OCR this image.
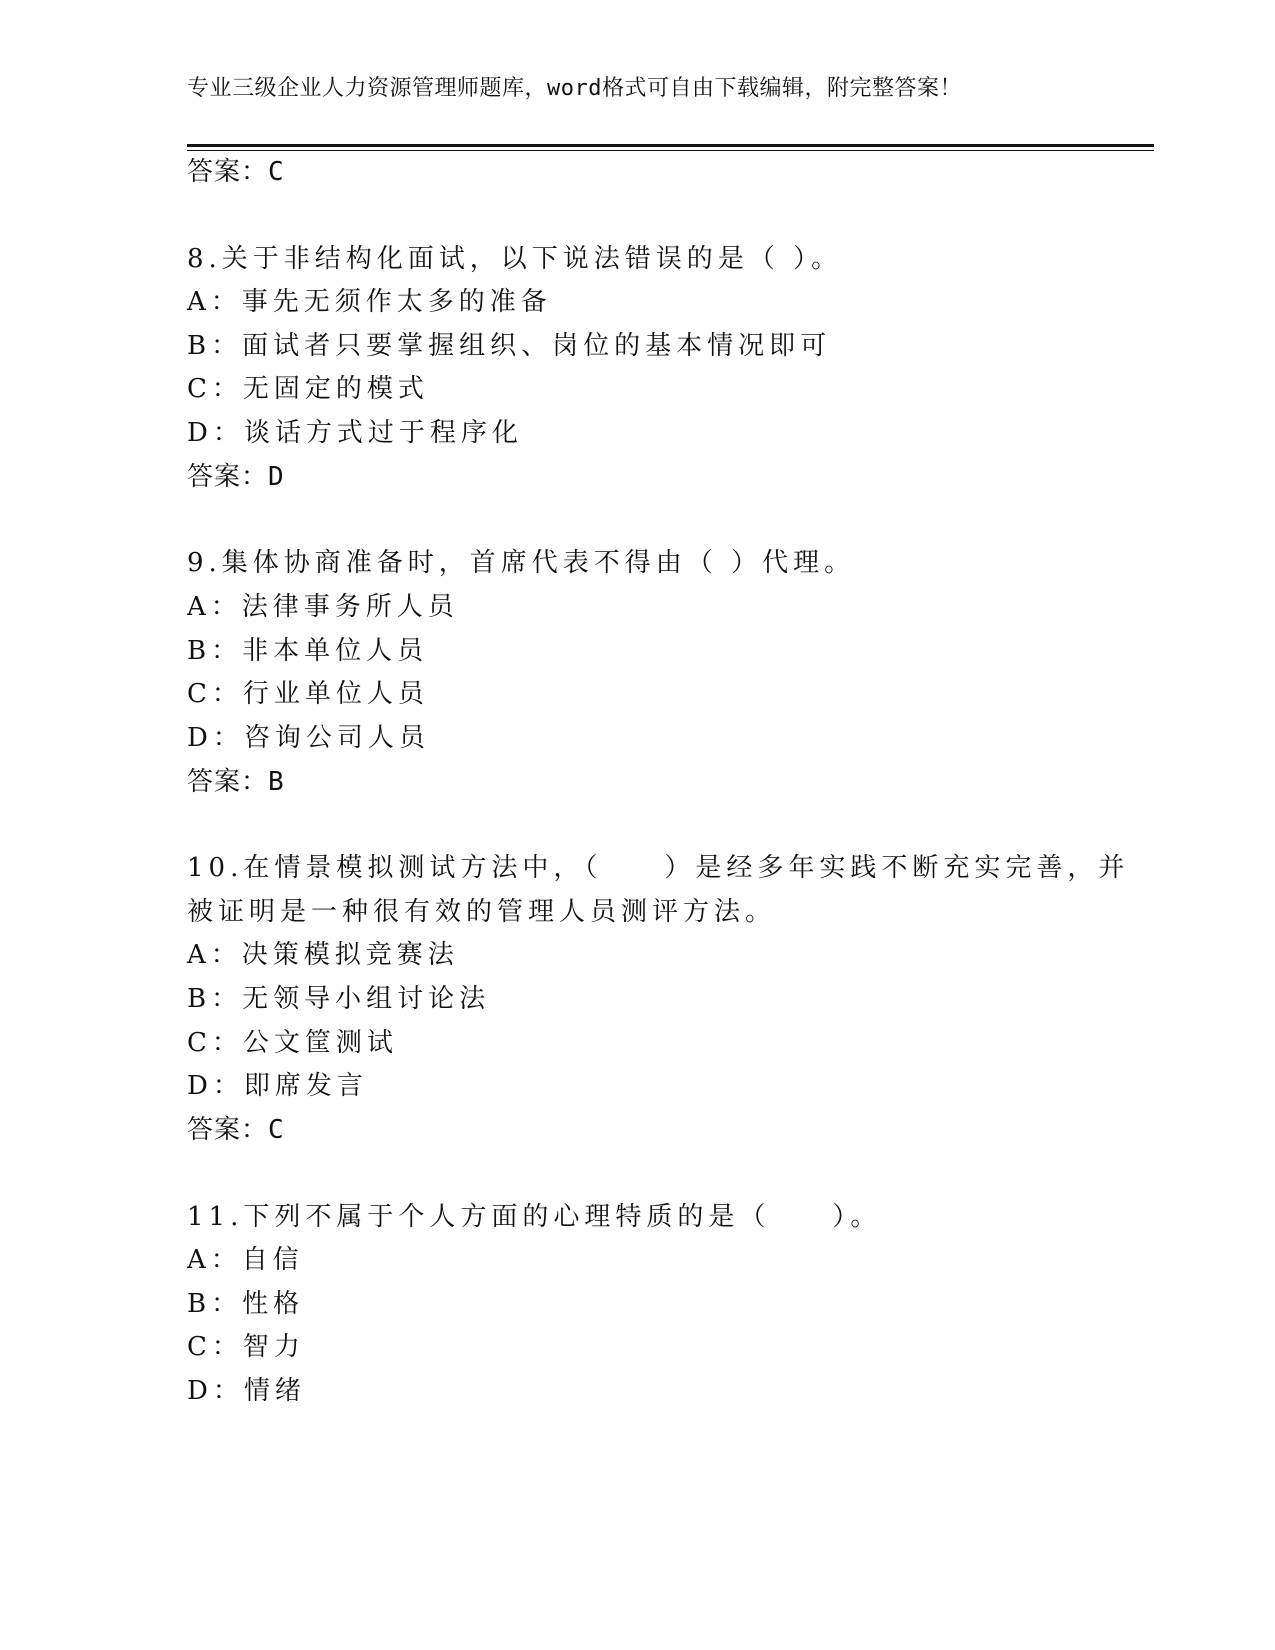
专业三级企业人力资源管理师题库，word格式可自由下载编辑，附完整答案！
答案：C
8.关于非结构化面试，以下说法错误的是（ ）。
A：事先无须作太多的准备
B：面试者只要掌握组织、岗位的基本情况即可
C：无固定的模式
D：谈话方式过于程序化
答案：D
9.集体协商准备时，首席代表不得由（ ）代理。
A：法律事务所人员
B：非本单位人员
C：行业单位人员
D：咨询公司人员
答案：B
10.在情景模拟测试方法中，（　　）是经多年实践不断充实完善，并
被证明是一种很有效的管理人员测评方法。
A：决策模拟竞赛法
B：无领导小组讨论法
C：公文筐测试
D：即席发言
答案：C
11.下列不属于个人方面的心理特质的是（　　）。
A：自信
B：性格
C：智力
D：情绪
